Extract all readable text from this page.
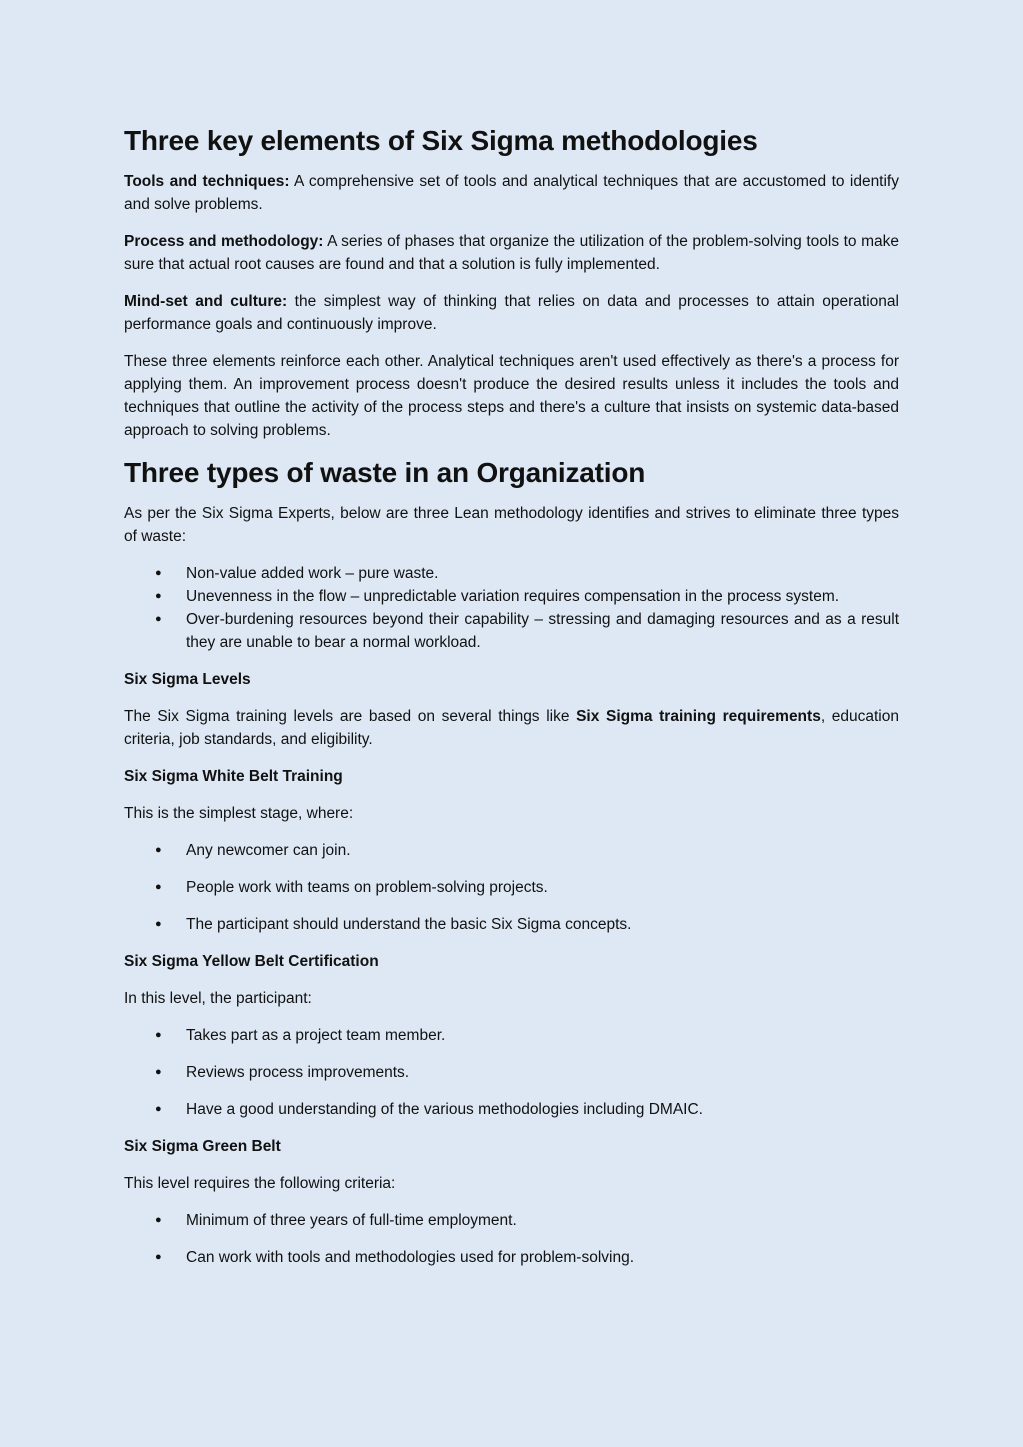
Three key elements of Six Sigma methodologies

Tools and techniques: A comprehensive set of tools and analytical techniques that are accustomed to identify and solve problems.

Process and methodology: A series of phases that organize the utilization of the problem-solving tools to make sure that actual root causes are found and that a solution is fully implemented.

Mind-set and culture: the simplest way of thinking that relies on data and processes to attain operational performance goals and continuously improve.

These three elements reinforce each other. Analytical techniques aren't used effectively as there's a process for applying them. An improvement process doesn't produce the desired results unless it includes the tools and techniques that outline the activity of the process steps and there's a culture that insists on systemic data-based approach to solving problems.

Three types of waste in an Organization

As per the Six Sigma Experts, below are three Lean methodology identifies and strives to eliminate three types of waste:

● Non-value added work – pure waste.
● Unevenness in the flow – unpredictable variation requires compensation in the process system.
● Over-burdening resources beyond their capability – stressing and damaging resources and as a result they are unable to bear a normal workload.

Six Sigma Levels

The Six Sigma training levels are based on several things like Six Sigma training requirements, education criteria, job standards, and eligibility.

Six Sigma White Belt Training

This is the simplest stage, where:

● Any newcomer can join.
● People work with teams on problem-solving projects.
● The participant should understand the basic Six Sigma concepts.

Six Sigma Yellow Belt Certification

In this level, the participant:

● Takes part as a project team member.
● Reviews process improvements.
● Have a good understanding of the various methodologies including DMAIC.

Six Sigma Green Belt

This level requires the following criteria:

● Minimum of three years of full-time employment.
● Can work with tools and methodologies used for problem-solving.
